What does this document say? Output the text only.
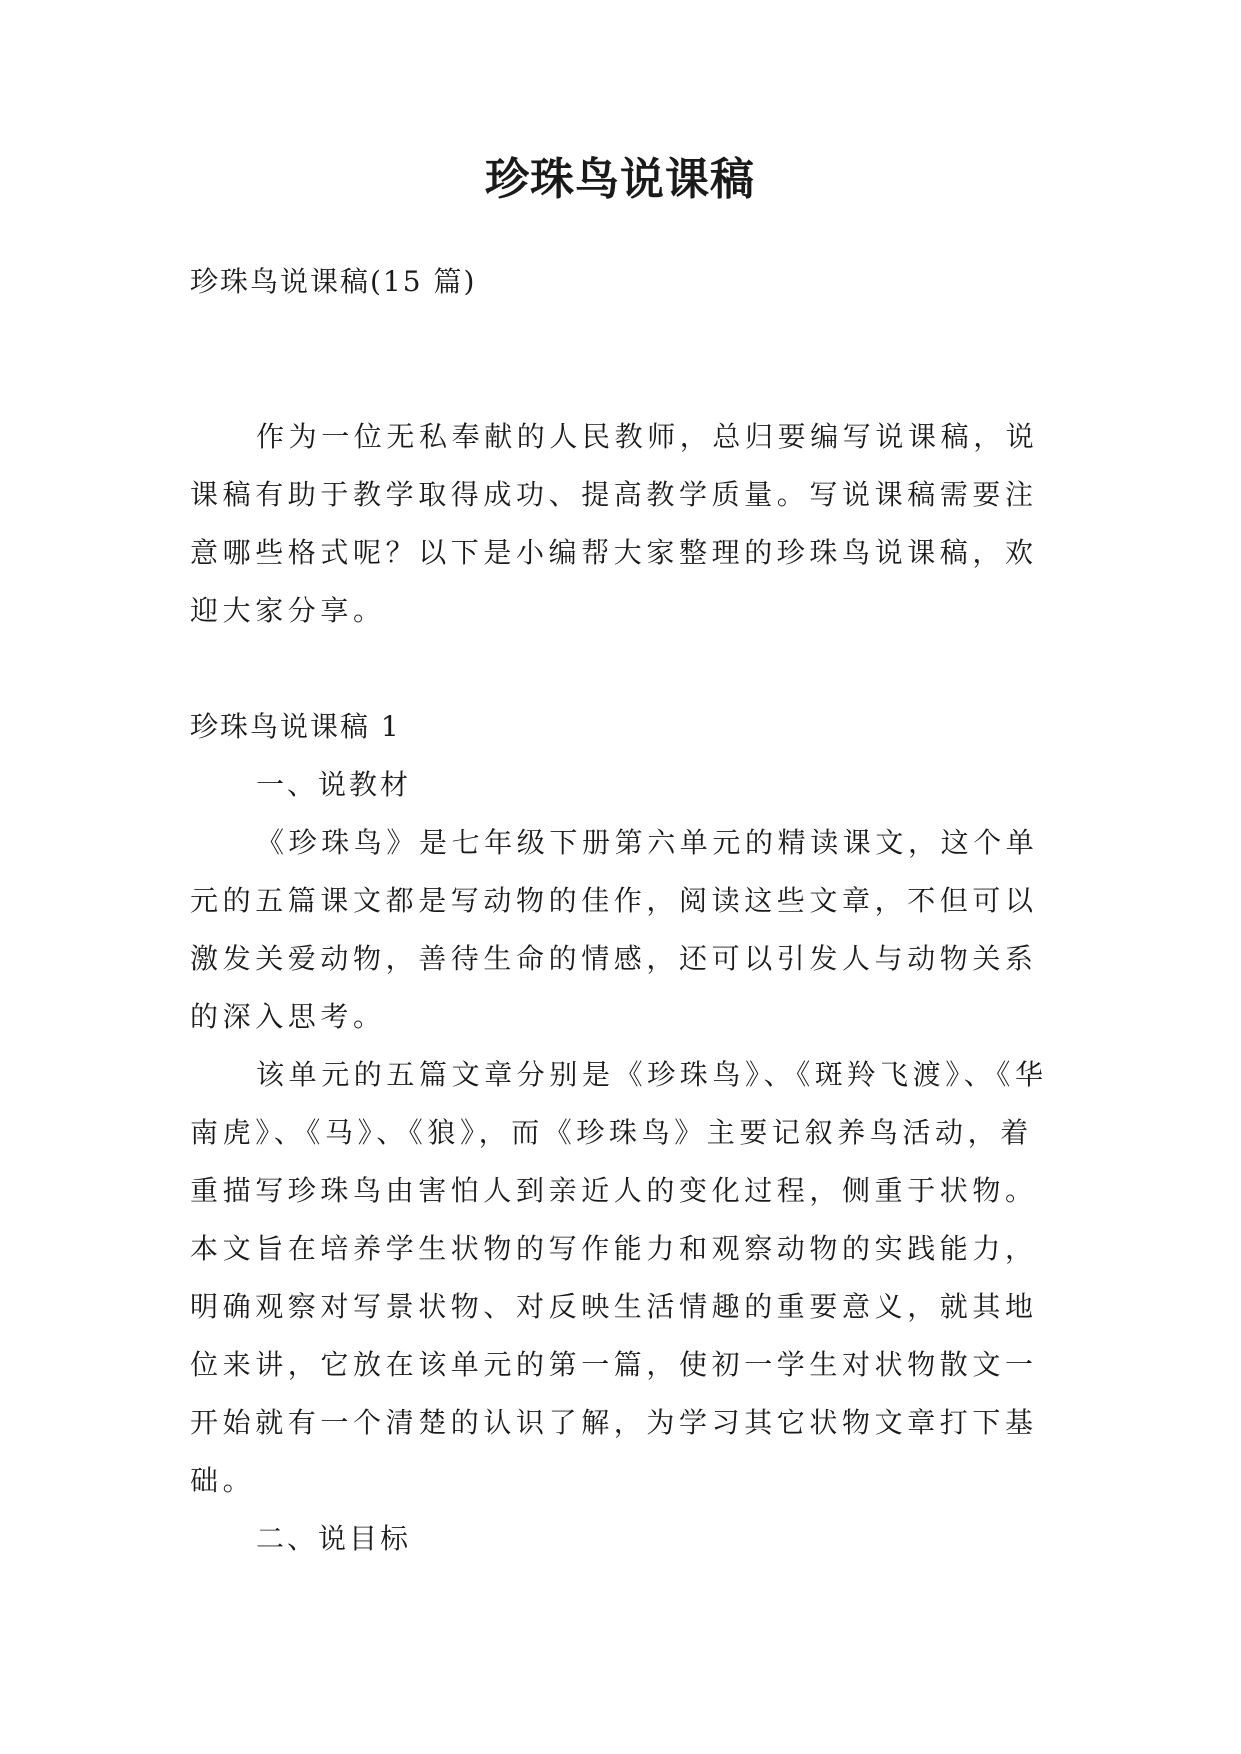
珍珠鸟说课稿
珍珠鸟说课稿(15 篇)

作为一位无私奉献的人民教师，总归要编写说课稿，说课稿有助于教学取得成功、提高教学质量。写说课稿需要注意哪些格式呢？以下是小编帮大家整理的珍珠鸟说课稿，欢迎大家分享。

珍珠鸟说课稿 1

一、说教材

《珍珠鸟》是七年级下册第六单元的精读课文，这个单元的五篇课文都是写动物的佳作，阅读这些文章，不但可以激发关爱动物，善待生命的情感，还可以引发人与动物关系的深入思考。

该单元的五篇文章分别是《珍珠鸟》、《斑羚飞渡》、《华南虎》、《马》、《狼》，而《珍珠鸟》主要记叙养鸟活动，着重描写珍珠鸟由害怕人到亲近人的变化过程，侧重于状物。本文旨在培养学生状物的写作能力和观察动物的实践能力，明确观察对写景状物、对反映生活情趣的重要意义，就其地位来讲，它放在该单元的第一篇，使初一学生对状物散文一开始就有一个清楚的认识了解，为学习其它状物文章打下基础。

二、说目标
